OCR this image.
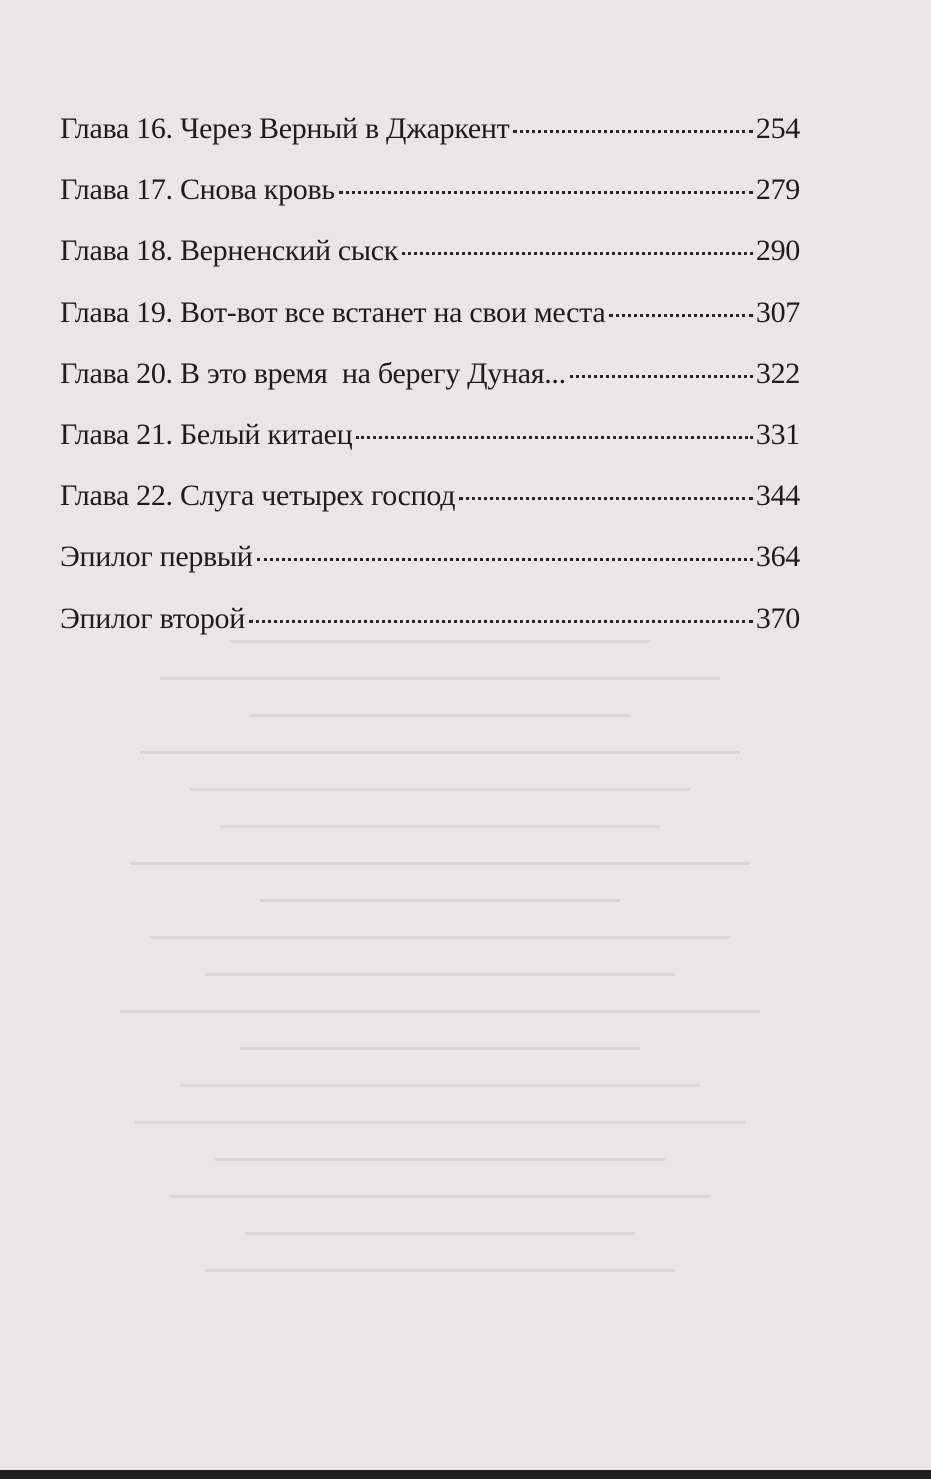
Глава 16. Через Верный в Джаркент	254
Глава 17. Снова кровь	279
Глава 18. Верненский сыск	290
Глава 19. Вот-вот все встанет на свои места	307
Глава 20. В это время  на берегу Дуная...	322
Глава 21. Белый китаец	331
Глава 22. Слуга четырех господ	344
Эпилог первый	364
Эпилог второй	370
